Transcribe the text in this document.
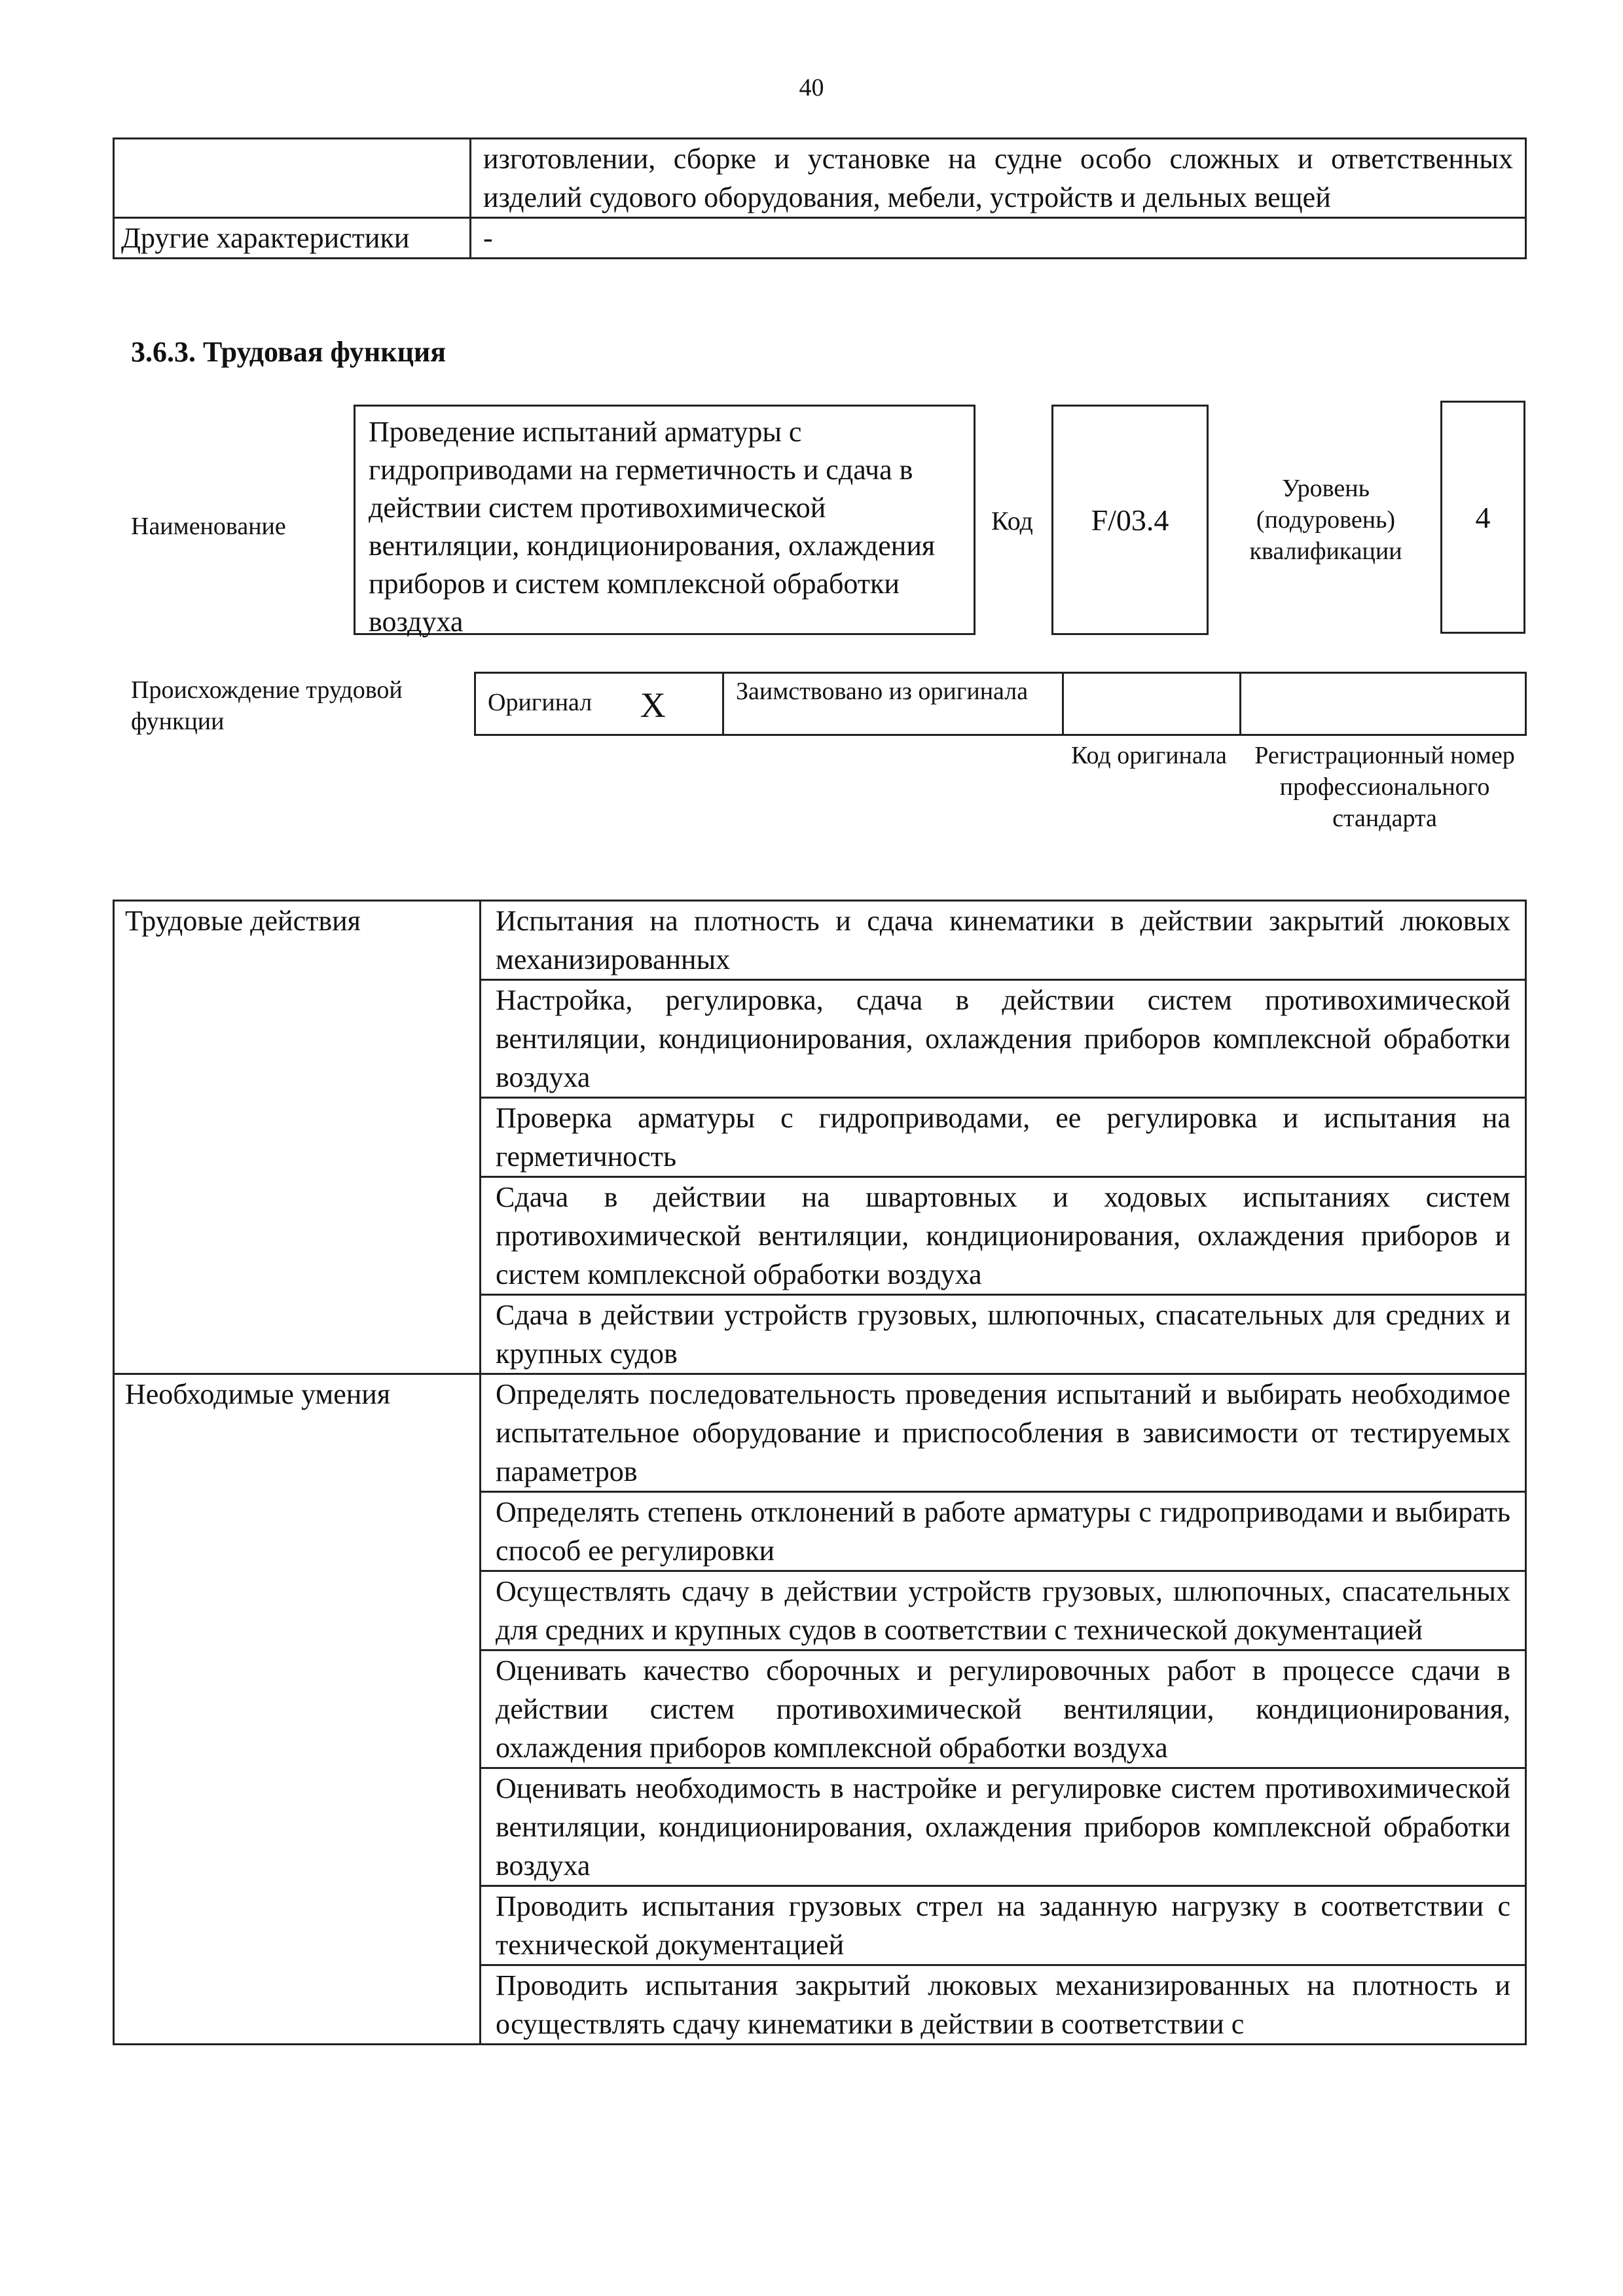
40
	изготовлении, сборке и установке на судне особо сложных и ответственных изделий судового оборудования, мебели, устройств и дельных вещей
Другие характеристики	-
3.6.3. Трудовая функция
Наименование
Проведение испытаний арматуры с гидроприводами на герметичность и сдача в действии систем противохимической вентиляции, кондиционирования, охлаждения приборов и систем комплексной обработки воздуха
Код	F/03.4
Уровень (подуровень) квалификации
4
Происхождение трудовой функции
Оригинал X	Заимствовано из оригинала		
Код оригинала	Регистрационный номер профессионального стандарта
Трудовые действия	Испытания на плотность и сдача кинематики в действии закрытий люковых механизированных
	Настройка, регулировка, сдача в действии систем противохимической вентиляции, кондиционирования, охлаждения приборов комплексной обработки воздуха
	Проверка арматуры с гидроприводами, ее регулировка и испытания на герметичность
	Сдача в действии на швартовных и ходовых испытаниях систем противохимической вентиляции, кондиционирования, охлаждения приборов и систем комплексной обработки воздуха
	Сдача в действии устройств грузовых, шлюпочных, спасательных для средних и крупных судов
Необходимые умения	Определять последовательность проведения испытаний и выбирать необходимое испытательное оборудование и приспособления в зависимости от тестируемых параметров
	Определять степень отклонений в работе арматуры с гидроприводами и выбирать способ ее регулировки
	Осуществлять сдачу в действии устройств грузовых, шлюпочных, спасательных для средних и крупных судов в соответствии с технической документацией
	Оценивать качество сборочных и регулировочных работ в процессе сдачи в действии систем противохимической вентиляции, кондиционирования, охлаждения приборов комплексной обработки воздуха
	Оценивать необходимость в настройке и регулировке систем противохимической вентиляции, кондиционирования, охлаждения приборов комплексной обработки воздуха
	Проводить испытания грузовых стрел на заданную нагрузку в соответствии с технической документацией
	Проводить испытания закрытий люковых механизированных на плотность и осуществлять сдачу кинематики в действии в соответствии с
